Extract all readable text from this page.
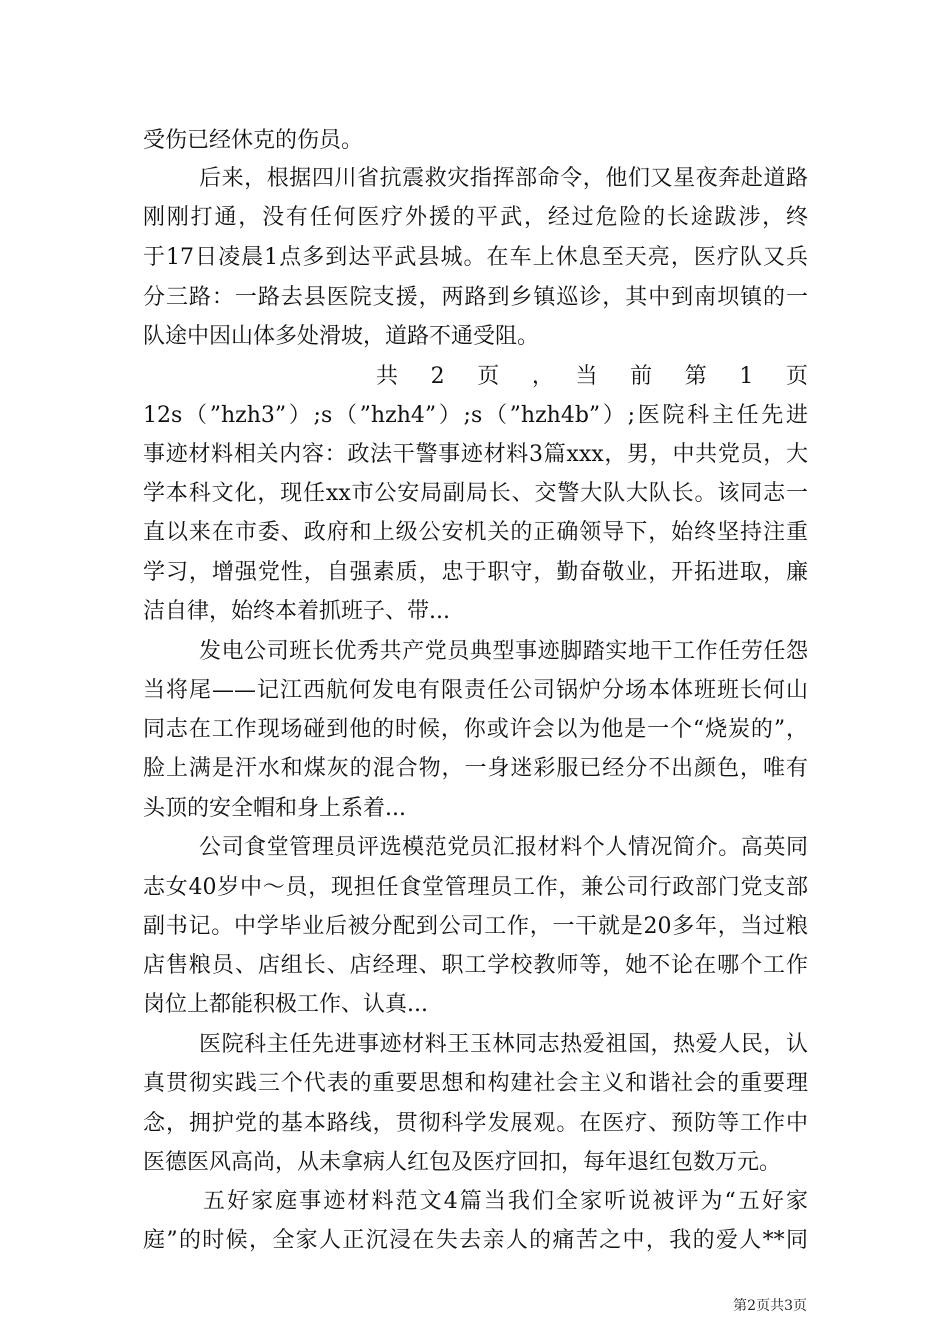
受伤已经休克的伤员。
后来，根据四川省抗震救灾指挥部命令，他们又星夜奔赴道路
刚刚打通，没有任何医疗外援的平武，经过危险的长途跋涉，终
于17日凌晨1点多到达平武县城。在车上休息至天亮，医疗队又兵
分三路：一路去县医院支援，两路到乡镇巡诊，其中到南坝镇的一
队途中因山体多处滑坡，道路不通受阻。
共　2　页　，　当　前　第　1　页
12s（”hzh3”）;s（”hzh4”）;s（”hzh4b”）;医院科主任先进
事迹材料相关内容：政法干警事迹材料3篇xxx，男，中共党员，大
学本科文化，现任xx市公安局副局长、交警大队大队长。该同志一
直以来在市委、政府和上级公安机关的正确领导下，始终坚持注重
学习，增强党性，自强素质，忠于职守，勤奋敬业，开拓进取，廉
洁自律，始终本着抓班子、带...
发电公司班长优秀共产党员典型事迹脚踏实地干工作任劳任怨
当将尾——记江西航何发电有限责任公司锅炉分场本体班班长何山
同志在工作现场碰到他的时候，你或许会以为他是一个“烧炭的”，
脸上满是汗水和煤灰的混合物，一身迷彩服已经分不出颜色，唯有
头顶的安全帽和身上系着...
公司食堂管理员评选模范党员汇报材料个人情况简介。高英同
志女40岁中～员，现担任食堂管理员工作，兼公司行政部门党支部
副书记。中学毕业后被分配到公司工作，一干就是20多年，当过粮
店售粮员、店组长、店经理、职工学校教师等，她不论在哪个工作
岗位上都能积极工作、认真...
医院科主任先进事迹材料王玉林同志热爱祖国，热爱人民，认
真贯彻实践三个代表的重要思想和构建社会主义和谐社会的重要理
念，拥护党的基本路线，贯彻科学发展观。在医疗、预防等工作中
医德医风高尚，从未拿病人红包及医疗回扣，每年退红包数万元。
五好家庭事迹材料范文4篇当我们全家听说被评为“五好家
庭”的时候，全家人正沉浸在失去亲人的痛苦之中，我的爱人**同
第2页共3页
